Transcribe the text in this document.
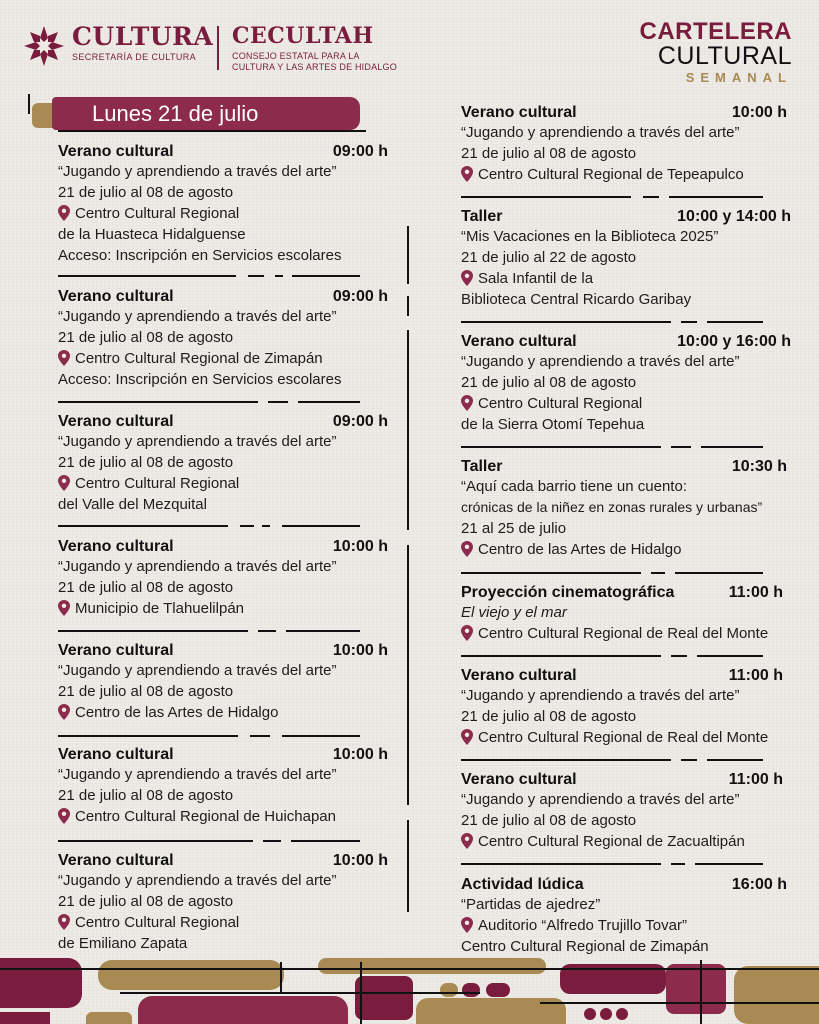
CULTURA
SECRETARÍA DE CULTURA
CECULTAH
CONSEJO ESTATAL PARA LA
CULTURA Y LAS ARTES DE HIDALGO
CARTELERA
CULTURAL
SEMANAL
Lunes 21 de julio
Verano cultural	09:00 h
“Jugando y aprendiendo a través del arte”
21 de julio al 08 de agosto
Centro Cultural Regional
de la Huasteca Hidalguense
Acceso: Inscripción en Servicios escolares
Verano cultural	09:00 h
“Jugando y aprendiendo a través del arte”
21 de julio al 08 de agosto
Centro Cultural Regional de Zimapán
Acceso: Inscripción en Servicios escolares
Verano cultural	09:00 h
“Jugando y aprendiendo a través del arte”
21 de julio al 08 de agosto
Centro Cultural Regional
del Valle del Mezquital
Verano cultural	10:00 h
“Jugando y aprendiendo a través del arte”
21 de julio al 08 de agosto
Municipio de Tlahuelilpán
Verano cultural	10:00 h
“Jugando y aprendiendo a través del arte”
21 de julio al 08 de agosto
Centro de las Artes de Hidalgo
Verano cultural	10:00 h
“Jugando y aprendiendo a través del arte”
21 de julio al 08 de agosto
Centro Cultural Regional de Huichapan
Verano cultural	10:00 h
“Jugando y aprendiendo a través del arte”
21 de julio al 08 de agosto
Centro Cultural Regional
de Emiliano Zapata
Verano cultural	10:00 h
“Jugando y aprendiendo a través del arte”
21 de julio al 08 de agosto
Centro Cultural Regional de Tepeapulco
Taller	10:00 y 14:00 h
“Mis Vacaciones en la Biblioteca 2025”
21 de julio al 22 de agosto
Sala Infantil de la
Biblioteca Central Ricardo Garibay
Verano cultural	10:00 y 16:00 h
“Jugando y aprendiendo a través del arte”
21 de julio al 08 de agosto
Centro Cultural Regional
de la Sierra Otomí Tepehua
Taller	10:30 h
“Aquí cada barrio tiene un cuento:
crónicas de la niñez en zonas rurales y urbanas”
21 al 25 de julio
Centro de las Artes de Hidalgo
Proyección cinematográfica	11:00 h
El viejo y el mar
Centro Cultural Regional de Real del Monte
Verano cultural	11:00 h
“Jugando y aprendiendo a través del arte”
21 de julio al 08 de agosto
Centro Cultural Regional de Real del Monte
Verano cultural	11:00 h
“Jugando y aprendiendo a través del arte”
21 de julio al 08 de agosto
Centro Cultural Regional de Zacualtipán
Actividad lúdica	16:00 h
“Partidas de ajedrez”
Auditorio “Alfredo Trujillo Tovar”
Centro Cultural Regional de Zimapán
